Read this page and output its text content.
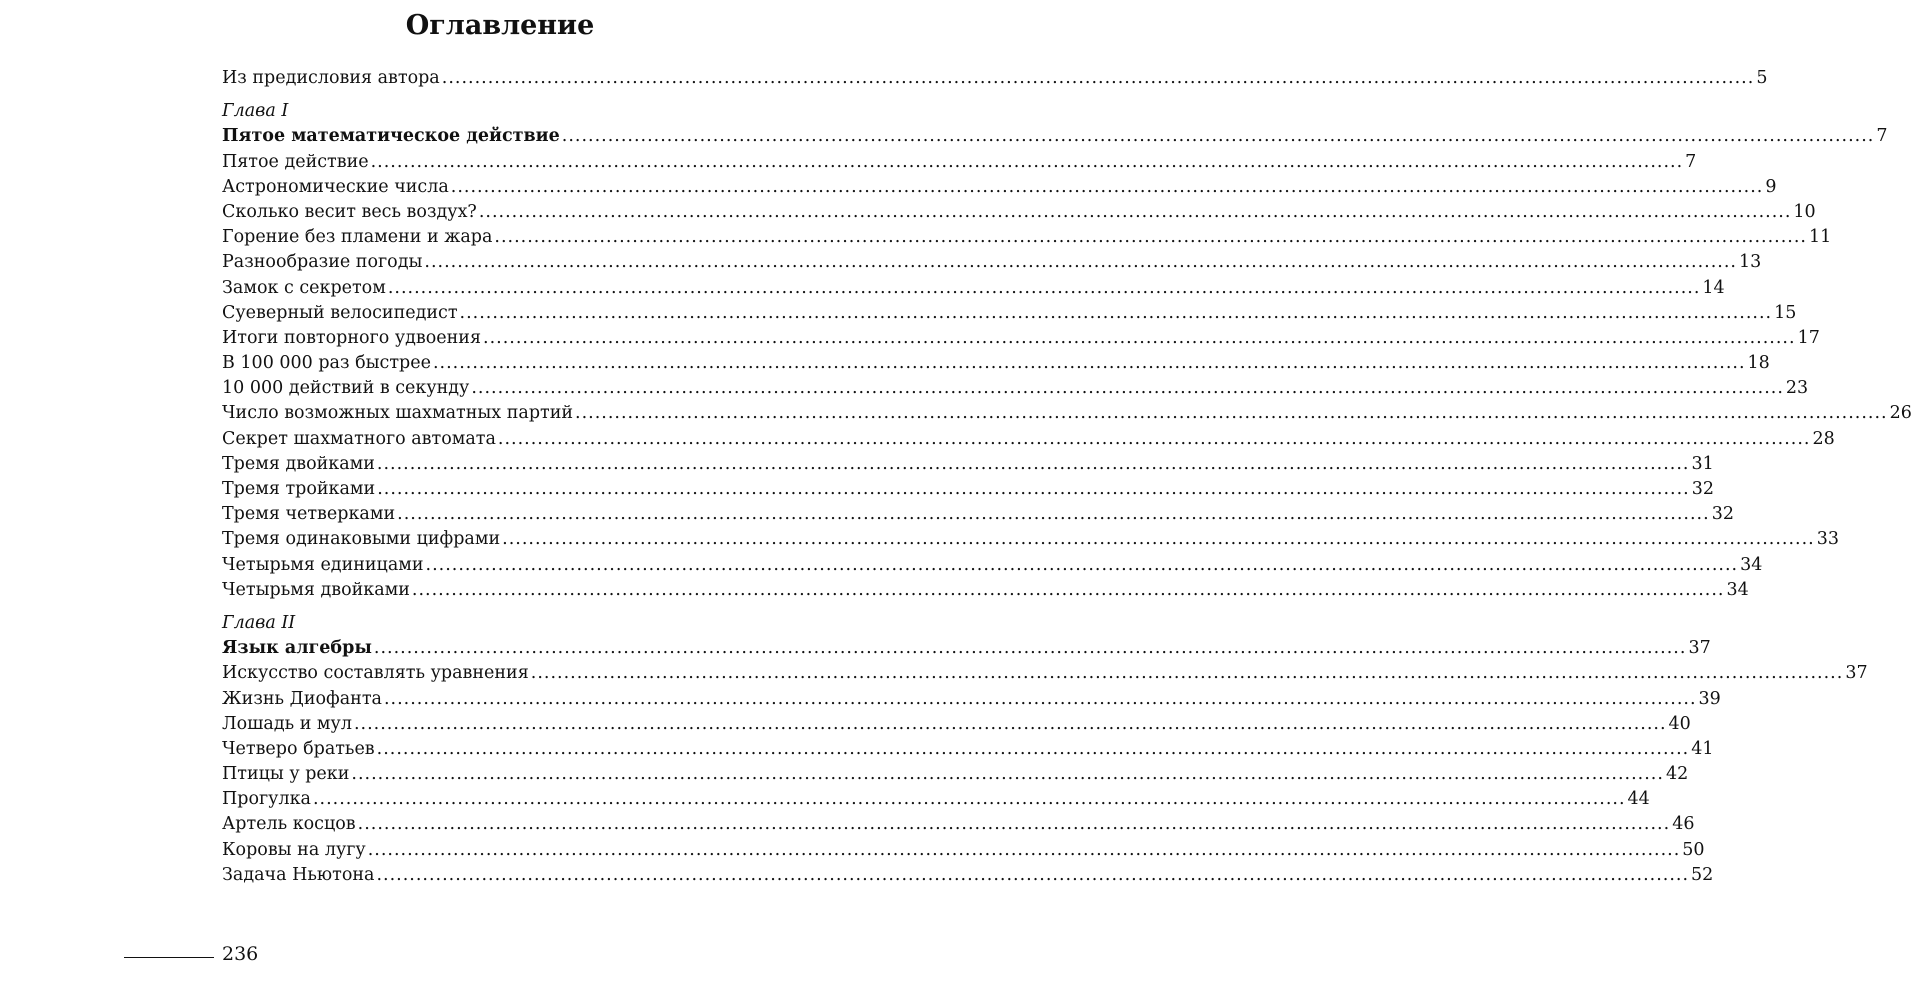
Оглавление
Из предисловия автора ........................................................................................................................................................................................................ 5
Глава I
Пятое математическое действие ........................................................................................................................................................................................................ 7
Пятое действие ........................................................................................................................................................................................................ 7
Астрономические числа ........................................................................................................................................................................................................ 9
Сколько весит весь воздух? ........................................................................................................................................................................................................ 10
Горение без пламени и жара ........................................................................................................................................................................................................ 11
Разнообразие погоды ........................................................................................................................................................................................................ 13
Замок с секретом ........................................................................................................................................................................................................ 14
Суеверный велосипедист ........................................................................................................................................................................................................ 15
Итоги повторного удвоения ........................................................................................................................................................................................................ 17
В 100 000 раз быстрее ........................................................................................................................................................................................................ 18
10 000 действий в секунду ........................................................................................................................................................................................................ 23
Число возможных шахматных партий ........................................................................................................................................................................................................ 26
Секрет шахматного автомата ........................................................................................................................................................................................................ 28
Тремя двойками ........................................................................................................................................................................................................ 31
Тремя тройками ........................................................................................................................................................................................................ 32
Тремя четверками ........................................................................................................................................................................................................ 32
Тремя одинаковыми цифрами ........................................................................................................................................................................................................ 33
Четырьмя единицами ........................................................................................................................................................................................................ 34
Четырьмя двойками ........................................................................................................................................................................................................ 34
Глава II
Язык алгебры ........................................................................................................................................................................................................ 37
Искусство составлять уравнения ........................................................................................................................................................................................................ 37
Жизнь Диофанта ........................................................................................................................................................................................................ 39
Лошадь и мул ........................................................................................................................................................................................................ 40
Четверо братьев ........................................................................................................................................................................................................ 41
Птицы у реки ........................................................................................................................................................................................................ 42
Прогулка ........................................................................................................................................................................................................ 44
Артель косцов ........................................................................................................................................................................................................ 46
Коровы на лугу ........................................................................................................................................................................................................ 50
Задача Ньютона ........................................................................................................................................................................................................ 52
236
